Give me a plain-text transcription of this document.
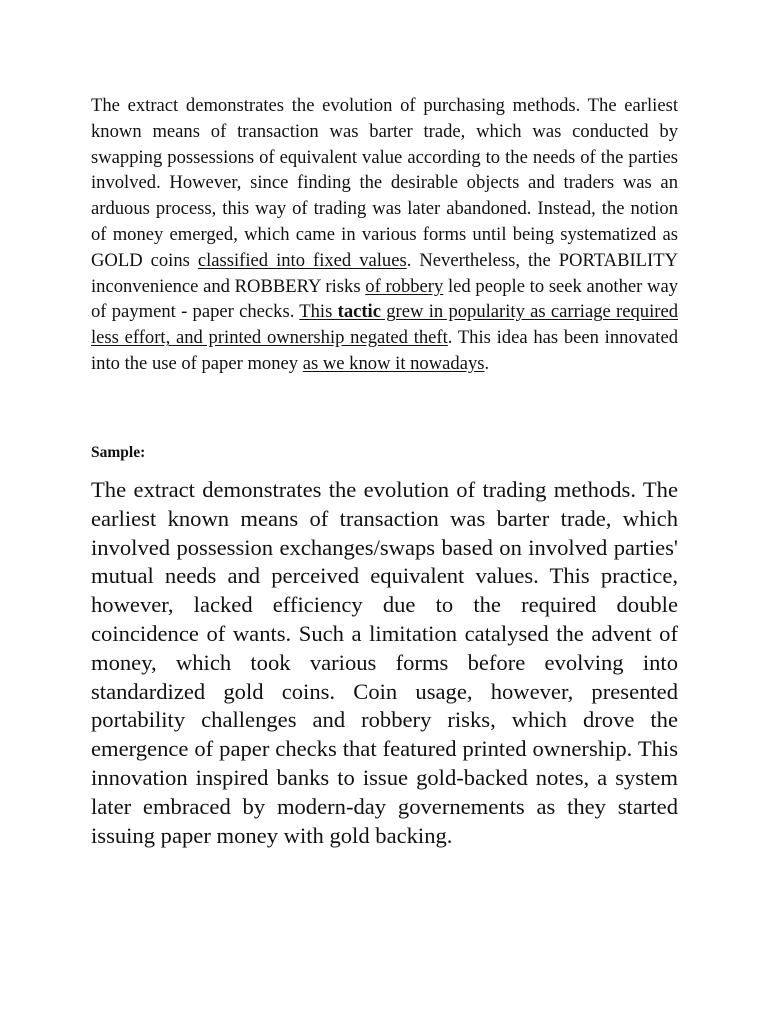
The extract demonstrates the evolution of purchasing methods. The earliest known means of transaction was barter trade, which was conducted by swapping possessions of equivalent value according to the needs of the parties involved. However, since finding the desirable objects and traders was an arduous process, this way of trading was later abandoned. Instead, the notion of money emerged, which came in various forms until being systematized as GOLD coins classified into fixed values. Nevertheless, the PORTABILITY inconvenience and ROBBERY risks of robbery led people to seek another way of payment - paper checks. This tactic grew in popularity as carriage required less effort, and printed ownership negated theft. This idea has been innovated into the use of paper money as we know it nowadays.

Sample:

The extract demonstrates the evolution of trading methods. The earliest known means of transaction was barter trade, which involved possession exchanges/swaps based on involved parties' mutual needs and perceived equivalent values. This practice, however, lacked efficiency due to the required double coincidence of wants. Such a limitation catalysed the advent of money, which took various forms before evolving into standardized gold coins. Coin usage, however, presented portability challenges and robbery risks, which drove the emergence of paper checks that featured printed ownership. This innovation inspired banks to issue gold-backed notes, a system later embraced by modern-day governements as they started issuing paper money with gold backing.
